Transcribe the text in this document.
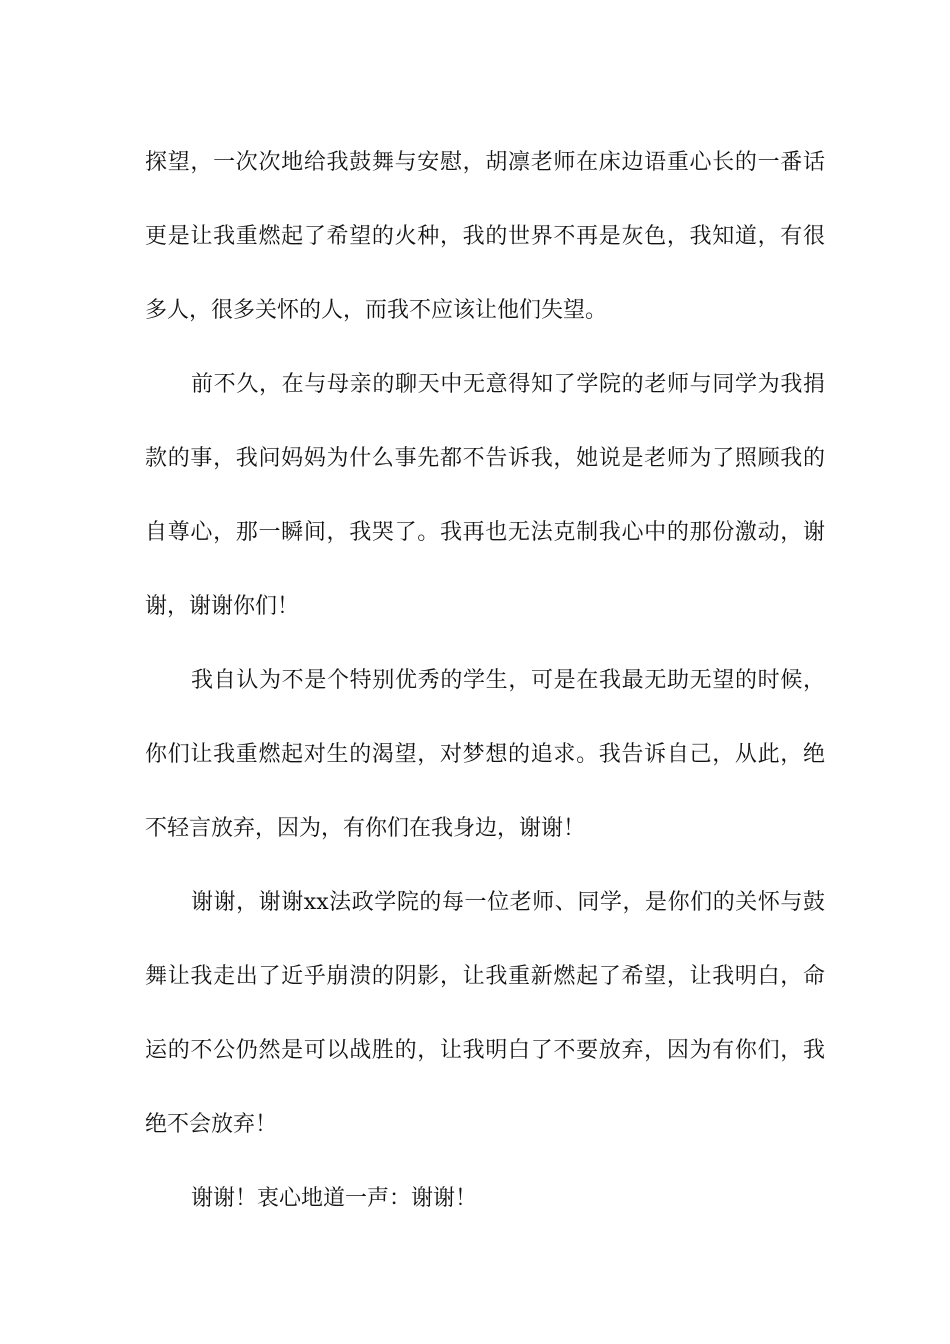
探望，一次次地给我鼓舞与安慰，胡凛老师在床边语重心长的一番话更是让我重燃起了希望的火种，我的世界不再是灰色，我知道，有很多人，很多关怀的人，而我不应该让他们失望。

前不久，在与母亲的聊天中无意得知了学院的老师与同学为我捐款的事，我问妈妈为什么事先都不告诉我，她说是老师为了照顾我的自尊心，那一瞬间，我哭了。我再也无法克制我心中的那份激动，谢谢，谢谢你们！

我自认为不是个特别优秀的学生，可是在我最无助无望的时候，你们让我重燃起对生的渴望，对梦想的追求。我告诉自己，从此，绝不轻言放弃，因为，有你们在我身边，谢谢！

谢谢，谢谢xx法政学院的每一位老师、同学，是你们的关怀与鼓舞让我走出了近乎崩溃的阴影，让我重新燃起了希望，让我明白，命运的不公仍然是可以战胜的，让我明白了不要放弃，因为有你们，我绝不会放弃！

谢谢！衷心地道一声：谢谢！
